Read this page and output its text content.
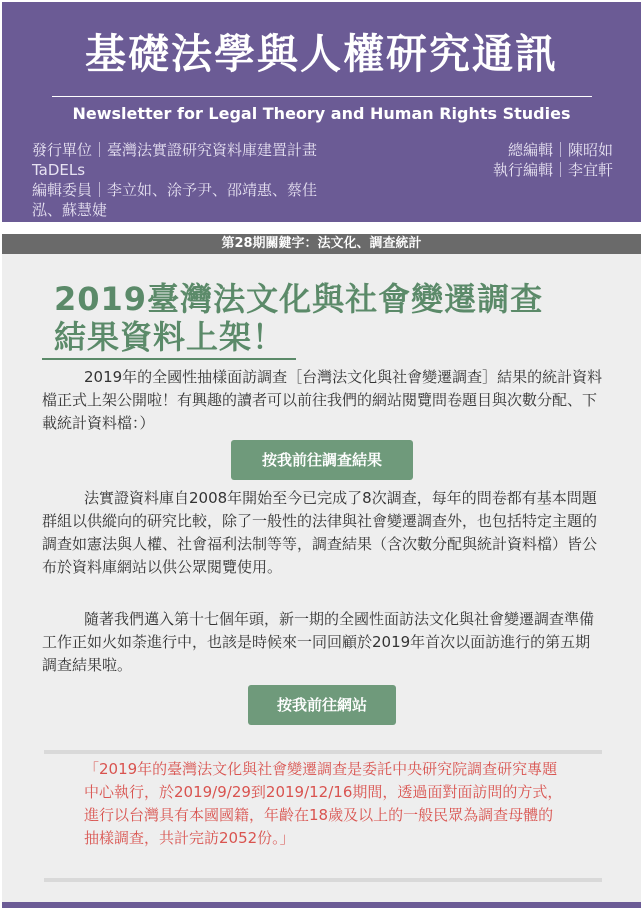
基礎法學與人權研究通訊
Newsletter for Legal Theory and Human Rights Studies
發行單位｜臺灣法實證研究資料庫建置計畫
TaDELs
編輯委員｜李立如、涂予尹、邵靖惠、蔡佳
泓、蘇慧婕
總編輯｜陳昭如
執行編輯｜李宜軒
第28期關鍵字：法文化、調查統計
2019臺灣法文化與社會變遷調查
結果資料上架！

2019年的全國性抽樣面訪調查［台灣法文化與社會變遷調查］結果的統計資料檔正式上架公開啦！有興趣的讀者可以前往我們的網站閱覽問卷題目與次數分配、下載統計資料檔：）

按我前往調查結果

法實證資料庫自2008年開始至今已完成了8次調查，每年的問卷都有基本問題群組以供縱向的研究比較，除了一般性的法律與社會變遷調查外，也包括特定主題的調查如憲法與人權、社會福利法制等等，調查結果（含次數分配與統計資料檔）皆公布於資料庫網站以供公眾閱覽使用。

隨著我們邁入第十七個年頭，新一期的全國性面訪法文化與社會變遷調查準備工作正如火如荼進行中，也該是時候來一同回顧於2019年首次以面訪進行的第五期調查結果啦。

按我前往網站

「2019年的臺灣法文化與社會變遷調查是委託中央研究院調查研究專題中心執行，於2019/9/29到2019/12/16期間，透過面對面訪問的方式，進行以台灣具有本國國籍，年齡在18歲及以上的一般民眾為調查母體的抽樣調查，共計完訪2052份。」
